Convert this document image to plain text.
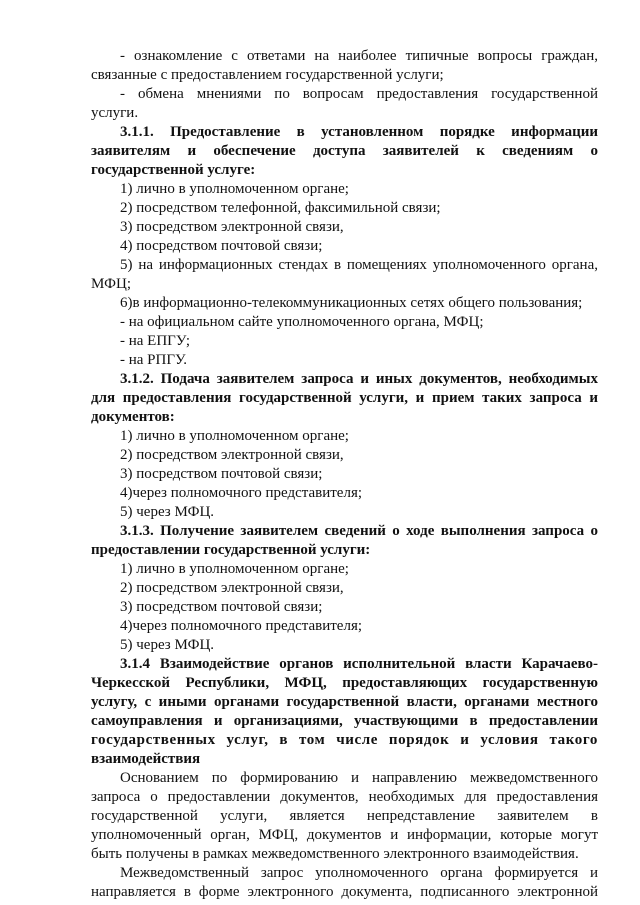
- ознакомление с ответами на наиболее типичные вопросы граждан,
связанные с предоставлением государственной услуги;
- обмена мнениями по вопросам предоставления государственной
услуги.
3.1.1. Предоставление в установленном порядке информации
заявителям и обеспечение доступа заявителей к сведениям о
государственной услуге:
1) лично в уполномоченном органе;
2) посредством телефонной, факсимильной связи;
3) посредством электронной связи,
4) посредством почтовой связи;
5) на информационных стендах в помещениях уполномоченного органа,
МФЦ;
6)в информационно-телекоммуникационных сетях общего пользования;
- на официальном сайте уполномоченного органа, МФЦ;
- на ЕПГУ;
- на РПГУ.
3.1.2. Подача заявителем запроса и иных документов, необходимых
для предоставления государственной услуги, и прием таких запроса и
документов:
1) лично в уполномоченном органе;
2) посредством электронной связи,
3) посредством почтовой связи;
4)через полномочного представителя;
5) через МФЦ.
3.1.3. Получение заявителем сведений о ходе выполнения запроса о
предоставлении государственной услуги:
1) лично в уполномоченном органе;
2) посредством электронной связи,
3) посредством почтовой связи;
4)через полномочного представителя;
5) через МФЦ.
3.1.4 Взаимодействие органов исполнительной власти Карачаево-
Черкесской Республики, МФЦ, предоставляющих государственную
услугу, с иными органами государственной власти, органами местного
самоуправления и организациями, участвующими в предоставлении
государственных услуг, в том числе порядок и условия такого
взаимодействия
Основанием по формированию и направлению межведомственного
запроса о предоставлении документов, необходимых для предоставления
государственной услуги, является непредставление заявителем в
уполномоченный орган, МФЦ, документов и информации, которые могут
быть получены в рамках межведомственного электронного взаимодействия.
Межведомственный запрос уполномоченного органа формируется и
направляется в форме электронного документа, подписанного электронной
